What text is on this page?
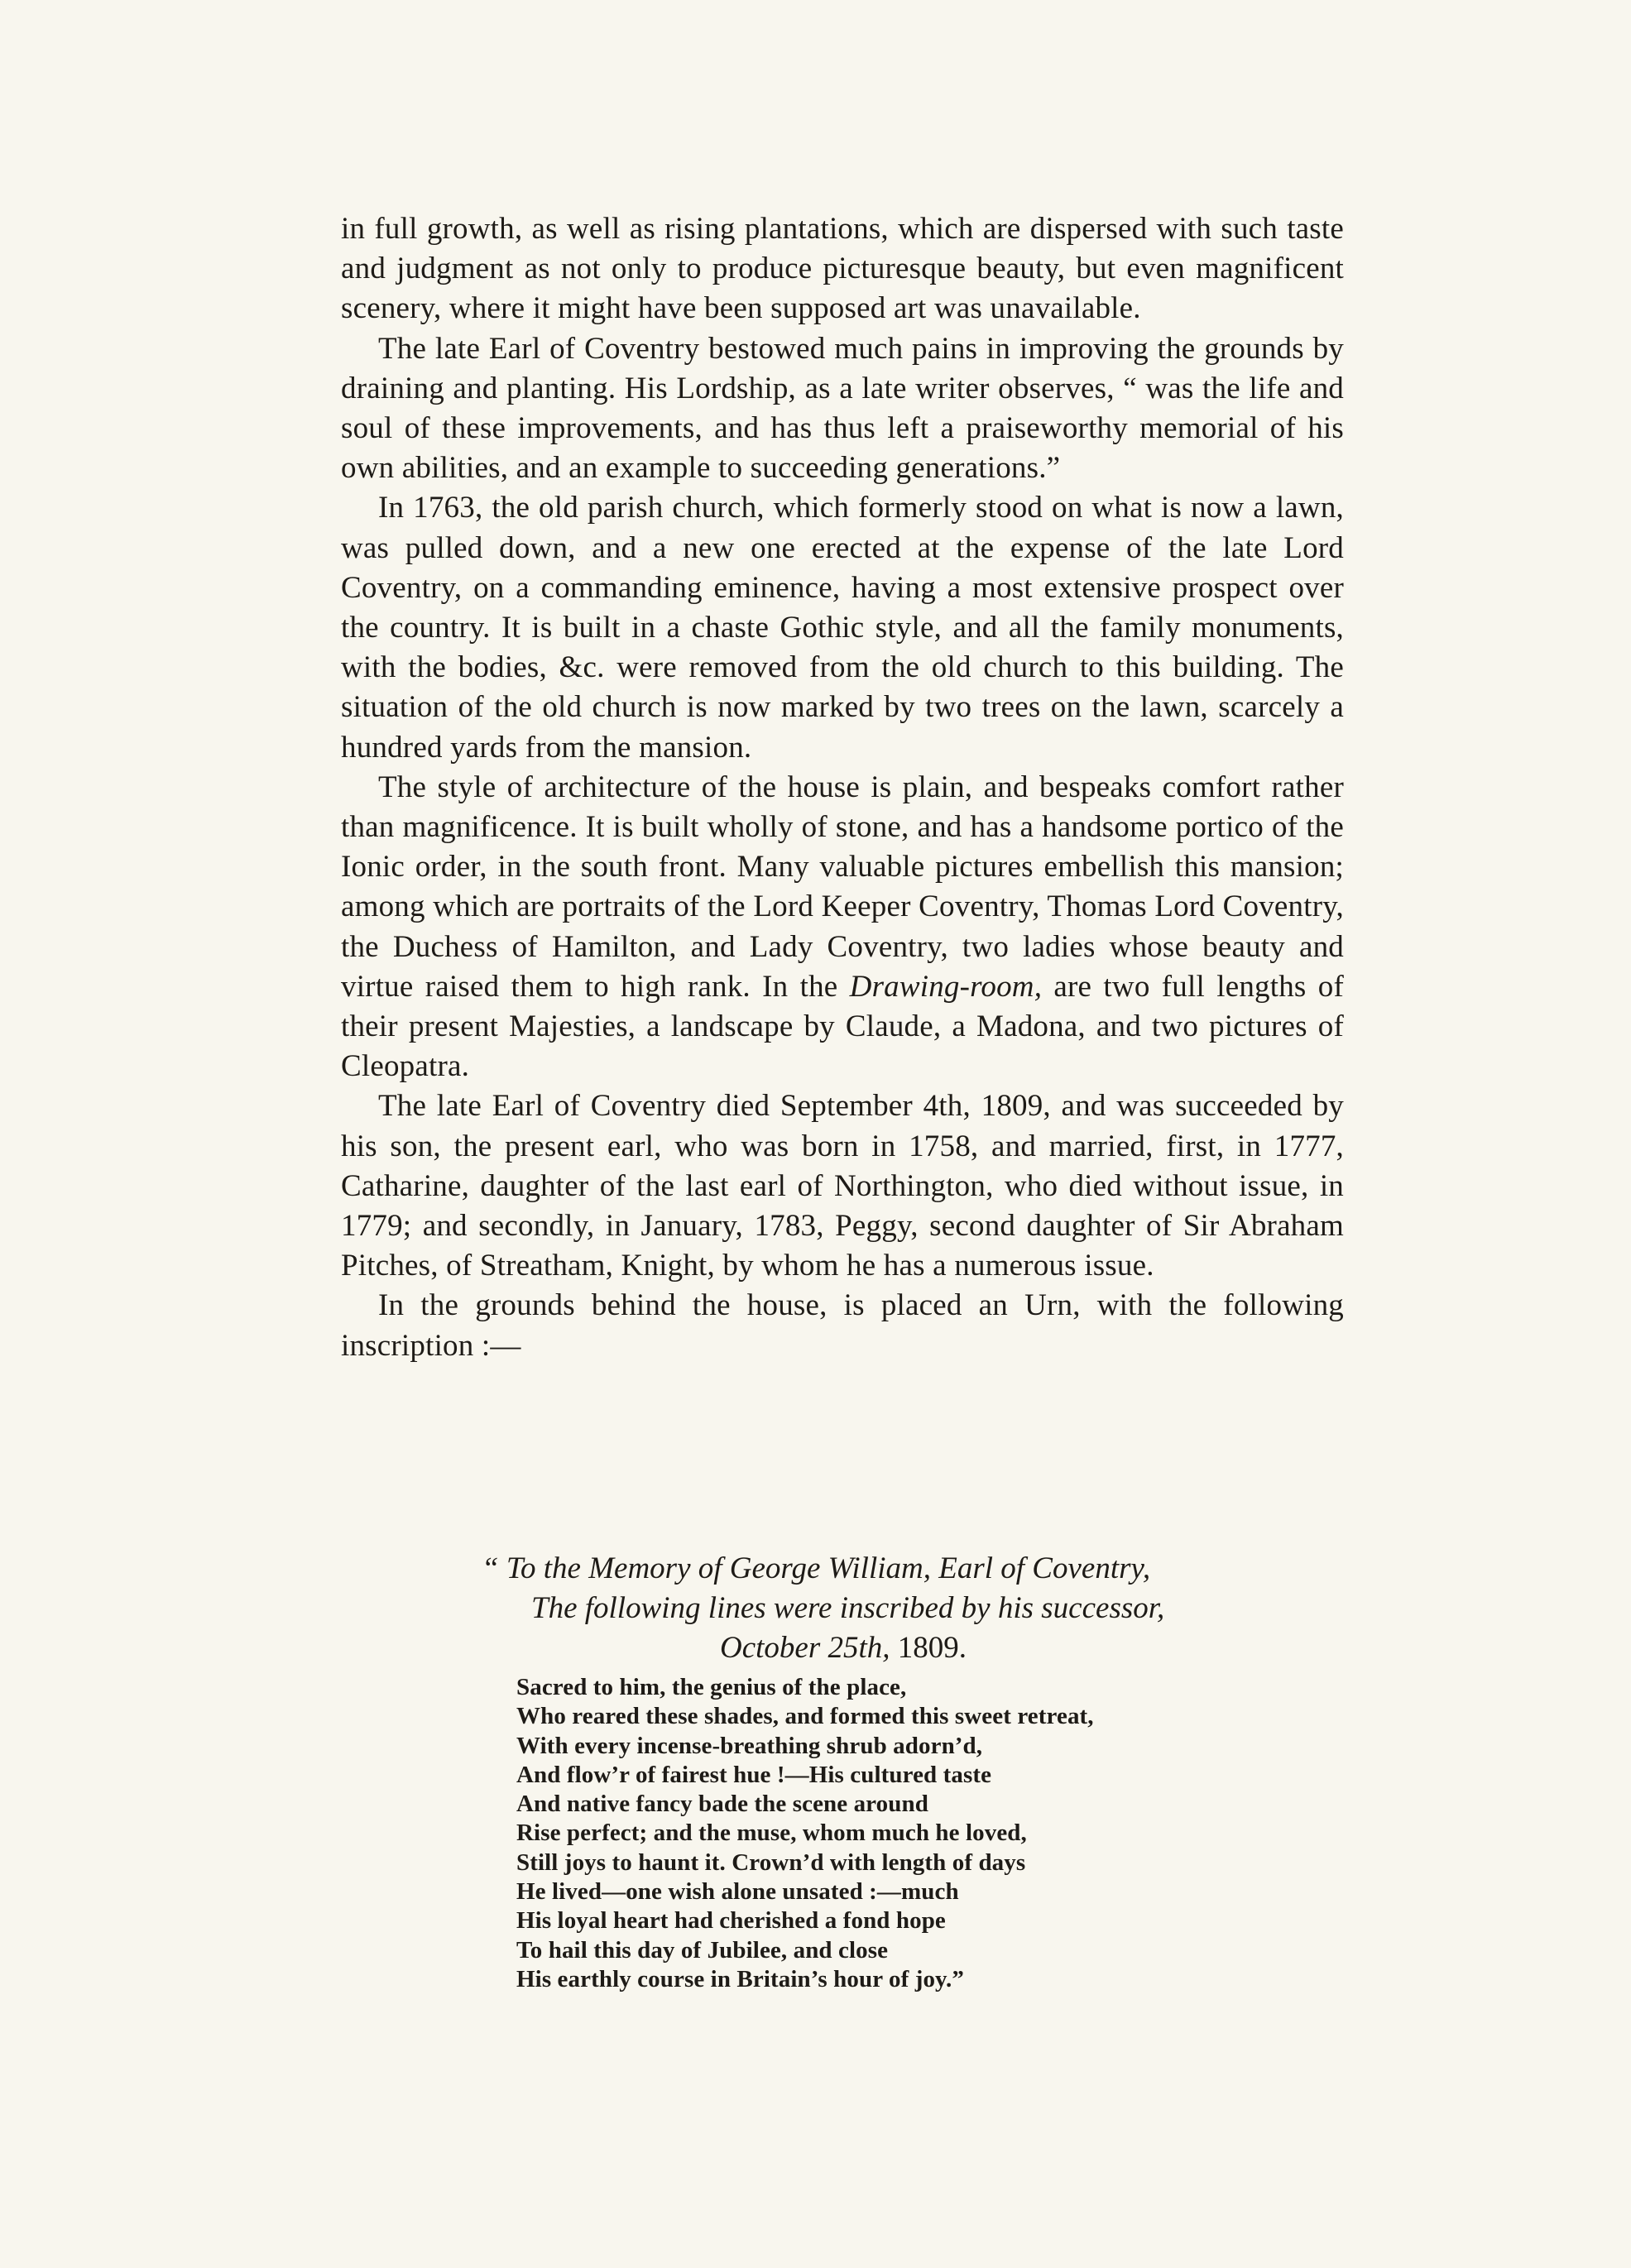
in full growth, as well as rising plantations, which are dispersed with such taste and judgment as not only to produce picturesque beauty, but even magnificent scenery, where it might have been supposed art was unavailable.

The late Earl of Coventry bestowed much pains in improving the grounds by draining and planting. His Lordship, as a late writer observes, “ was the life and soul of these improvements, and has thus left a praiseworthy memorial of his own abilities, and an example to succeeding generations.”

In 1763, the old parish church, which formerly stood on what is now a lawn, was pulled down, and a new one erected at the expense of the late Lord Coventry, on a commanding eminence, having a most extensive prospect over the country. It is built in a chaste Gothic style, and all the family monuments, with the bodies, &c. were removed from the old church to this building. The situation of the old church is now marked by two trees on the lawn, scarcely a hundred yards from the mansion.

The style of architecture of the house is plain, and bespeaks comfort rather than magnificence. It is built wholly of stone, and has a handsome portico of the Ionic order, in the south front. Many valuable pictures embellish this mansion; among which are portraits of the Lord Keeper Coventry, Thomas Lord Coventry, the Duchess of Hamilton, and Lady Coventry, two ladies whose beauty and virtue raised them to high rank. In the Drawing-room, are two full lengths of their present Majesties, a landscape by Claude, a Madona, and two pictures of Cleopatra.

The late Earl of Coventry died September 4th, 1809, and was succeeded by his son, the present earl, who was born in 1758, and married, first, in 1777, Catharine, daughter of the last earl of Northington, who died without issue, in 1779; and secondly, in January, 1783, Peggy, second daughter of Sir Abraham Pitches, of Streatham, Knight, by whom he has a numerous issue.

In the grounds behind the house, is placed an Urn, with the following inscription :—

“ To the Memory of George William, Earl of Coventry,

The following lines were inscribed by his successor,

October 25th, 1809.

Sacred to him, the genius of the place,

Who reared these shades, and formed this sweet retreat,

With every incense-breathing shrub adorn’d,

And flow’r of fairest hue !—His cultured taste

And native fancy bade the scene around

Rise perfect; and the muse, whom much he loved,

Still joys to haunt it. Crown’d with length of days

He lived—one wish alone unsated :—much

His loyal heart had cherished a fond hope

To hail this day of Jubilee, and close

His earthly course in Britain’s hour of joy.”
